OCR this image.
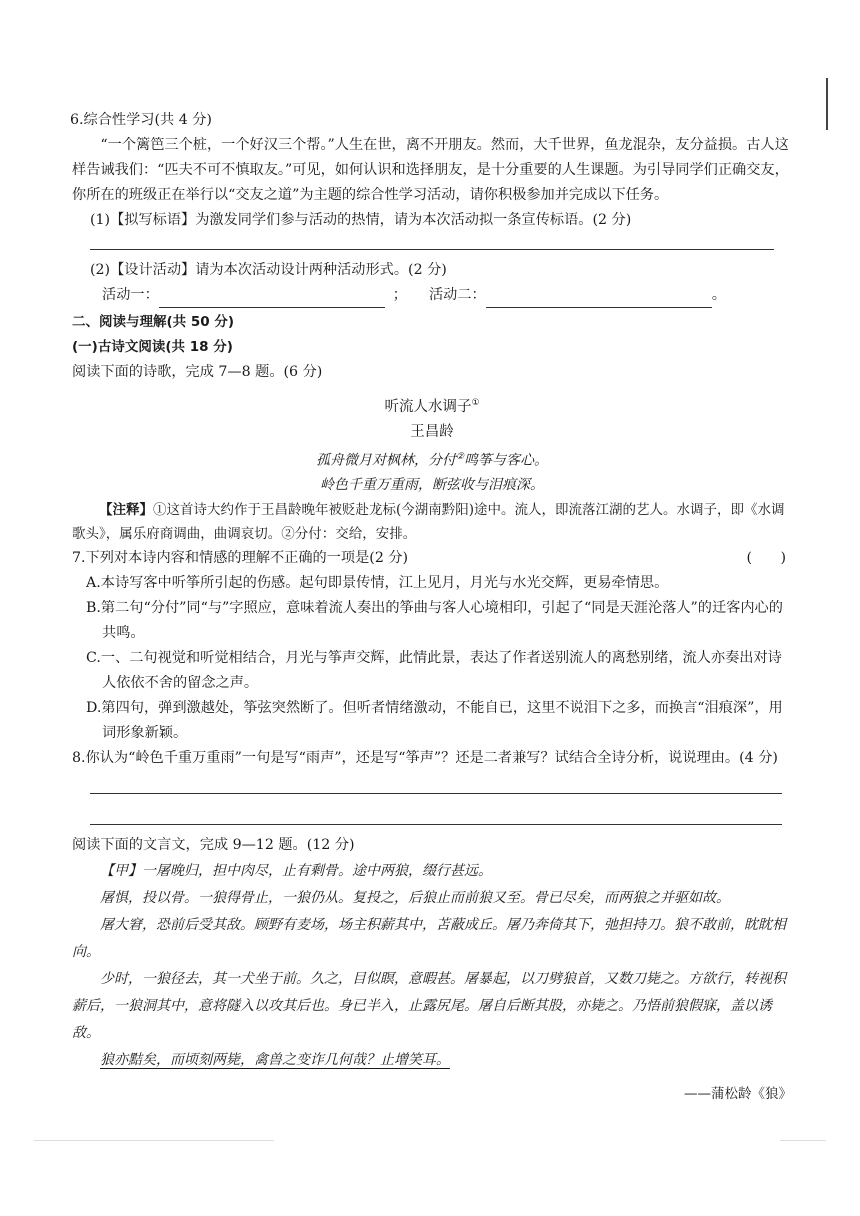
6.综合性学习(共 4 分)

“一个篱笆三个桩，一个好汉三个帮。”人生在世，离不开朋友。然而，大千世界，鱼龙混杂，友分益损。古人这样告诫我们：“匹夫不可不慎取友。”可见，如何认识和选择朋友，是十分重要的人生课题。为引导同学们正确交友，你所在的班级正在举行以“交友之道”为主题的综合性学习活动，请你积极参加并完成以下任务。

(1)【拟写标语】为激发同学们参与活动的热情，请为本次活动拟一条宣传标语。(2 分)

(2)【设计活动】请为本次活动设计两种活动形式。(2 分)

活动一：	； 活动二：	。

二、阅读与理解(共 50 分)

(一)古诗文阅读(共 18 分)

阅读下面的诗歌，完成 7—8 题。(6 分)

听流人水调子①

王昌龄

孤舟微月对枫林，分付②鸣筝与客心。

岭色千重万重雨，断弦收与泪痕深。

【注释】①这首诗大约作于王昌龄晚年被贬赴龙标(今湖南黔阳)途中。流人，即流落江湖的艺人。水调子，即《水调歌头》，属乐府商调曲，曲调哀切。②分付：交给，安排。

7.下列对本诗内容和情感的理解不正确的一项是(2 分)	(　　)

A.本诗写客中听筝所引起的伤感。起句即景传情，江上见月，月光与水光交辉，更易牵情思。

B.第二句“分付”同“与”字照应，意味着流人奏出的筝曲与客人心境相印，引起了“同是天涯沦落人”的迁客内心的共鸣。

C.一、二句视觉和听觉相结合，月光与筝声交辉，此情此景，表达了作者送别流人的离愁别绪，流人亦奏出对诗人依依不舍的留念之声。

D.第四句，弹到激越处，筝弦突然断了。但听者情绪激动，不能自已，这里不说泪下之多，而换言“泪痕深”，用词形象新颖。

8.你认为“岭色千重万重雨”一句是写“雨声”，还是写“筝声”？还是二者兼写？试结合全诗分析，说说理由。(4 分)

阅读下面的文言文，完成 9—12 题。(12 分)

【甲】一屠晚归，担中肉尽，止有剩骨。途中两狼，缀行甚远。

屠惧，投以骨。一狼得骨止，一狼仍从。复投之，后狼止而前狼又至。骨已尽矣，而两狼之并驱如故。

屠大窘，恐前后受其敌。顾野有麦场，场主积薪其中，苫蔽成丘。屠乃奔倚其下，弛担持刀。狼不敢前，眈眈相向。

少时，一狼径去，其一犬坐于前。久之，目似瞑，意暇甚。屠暴起，以刀劈狼首，又数刀毙之。方欲行，转视积薪后，一狼洞其中，意将隧入以攻其后也。身已半入，止露尻尾。屠自后断其股，亦毙之。乃悟前狼假寐，盖以诱敌。

狼亦黠矣，而顷刻两毙，禽兽之变诈几何哉？止增笑耳。

——蒲松龄《狼》
